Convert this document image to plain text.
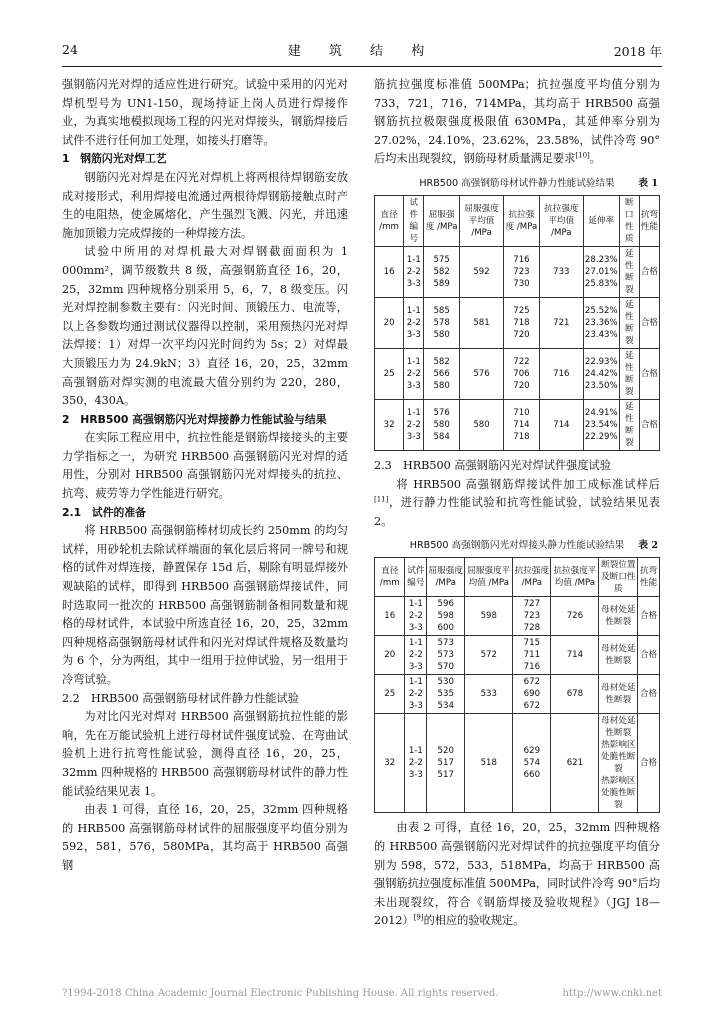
24	建 筑 结 构	2018 年

强钢筋闪光对焊的适应性进行研究。试验中采用的闪光对焊机型号为 UN1-150，现场持证上岗人员进行焊接作业，为真实地模拟现场工程的闪光对焊接头，钢筋焊接后试件不进行任何加工处理，如接头打磨等。

1　钢筋闪光对焊工艺

钢筋闪光对焊是在闪光对焊机上将两根待焊钢筋安放成对接形式，利用焊接电流通过两根待焊钢筋接触点时产生的电阻热，使金属熔化，产生强烈飞溅、闪光，并迅速施加顶锻力完成焊接的一种焊接方法。

试验中所用的对焊机最大对焊钢截面面积为 1 000mm²，调节级数共 8 级，高强钢筋直径 16，20，25，32mm 四种规格分别采用 5，6，7，8 级变压。闪光对焊控制参数主要有：闪光时间、顶锻压力、电流等，以上各参数均通过测试仪器得以控制，采用预热闪光对焊法焊接：1）对焊一次平均闪光时间约为 5s；2）对焊最大顶锻压力为 24.9kN；3）直径 16，20，25，32mm 高强钢筋对焊实测的电流最大值分别约为 220，280，350，430A。

2　HRB500 高强钢筋闪光对焊接静力性能试验与结果

在实际工程应用中，抗拉性能是钢筋焊接接头的主要力学指标之一，为研究 HRB500 高强钢筋闪光对焊的适用性，分别对 HRB500 高强钢筋闪光对焊接头的抗拉、抗弯、疲劳等力学性能进行研究。

2.1　试件的准备

将 HRB500 高强钢筋棒材切成长约 250mm 的均匀试样，用砂轮机去除试样端面的氧化层后将同一牌号和规格的试件对焊连接，静置保存 15d 后，剔除有明显焊接外观缺陷的试样，即得到 HRB500 高强钢筋焊接试件，同时选取同一批次的 HRB500 高强钢筋制备相同数量和规格的母材试件，本试验中所选直径 16，20，25，32mm 四种规格高强钢筋母材试件和闪光对焊试件规格及数量均为 6 个，分为两组，其中一组用于拉伸试验，另一组用于冷弯试验。

2.2　HRB500 高强钢筋母材试件静力性能试验

为对比闪光对焊对 HRB500 高强钢筋抗拉性能的影响，先在万能试验机上进行母材试件强度试验、在弯曲试验机上进行抗弯性能试验，测得直径 16，20，25，32mm 四种规格的 HRB500 高强钢筋母材试件的静力性能试验结果见表 1。

由表 1 可得，直径 16，20，25，32mm 四种规格的 HRB500 高强钢筋母材试件的屈服强度平均值分别为 592，581，576，580MPa，其均高于 HRB500 高强钢

筋抗拉强度标准值 500MPa；抗拉强度平均值分别为 733，721，716，714MPa，其均高于 HRB500 高强钢筋抗拉极限强度极限值 630MPa，其延伸率分别为 27.02%，24.10%，23.62%，23.58%，试件冷弯 90°后均未出现裂纹，钢筋母材质量满足要求[10]。

HRB500 高强钢筋母材试件静力性能试验结果 表 1
直径 /mm	试件编号	屈服强度 /MPa	屈服强度平均值 /MPa	抗拉强度 /MPa	抗拉强度平均值 /MPa	延伸率	断口性质	抗弯性能
16	1-1
2-2
3-3	575
582
589	592	716
723
730	733	28.23%
27.01%
25.83%	延性断裂	合格
20	1-1
2-2
3-3	585
578
580	581	725
718
720	721	25.52%
23.36%
23.43%	延性断裂	合格
25	1-1
2-2
3-3	582
566
580	576	722
706
720	716	22.93%
24.42%
23.50%	延性断裂	合格
32	1-1
2-2
3-3	576
580
584	580	710
714
718	714	24.91%
23.54%
22.29%	延性断裂	合格
2.3　HRB500 高强钢筋闪光对焊试件强度试验

将 HRB500 高强钢筋焊接试件加工成标准试样后[11]，进行静力性能试验和抗弯性能试验，试验结果见表 2。

HRB500 高强钢筋闪光对焊接头静力性能试验结果 表 2
直径 /mm	试件编号	屈服强度 /MPa	屈服强度平均值 /MPa	抗拉强度 /MPa	抗拉强度平均值 /MPa	断裂位置及断口性质	抗弯性能
16	1-1
2-2
3-3	596
598
600	598	727
723
728	726	母材处延性断裂	合格
20	1-1
2-2
3-3	573
573
570	572	715
711
716	714	母材处延性断裂	合格
25	1-1
2-2
3-3	530
535
534	533	672
690
672	678	母材处延性断裂	合格
32	1-1
2-2
3-3	520
517
517	518	629
574
660	621	母材处延性断裂
热影响区处脆性断裂
热影响区处脆性断裂	合格

由表 2 可得，直径 16，20，25，32mm 四种规格的 HRB500 高强钢筋闪光对焊试件的抗拉强度平均值分别为 598，572，533，518MPa，均高于 HRB500 高强钢筋抗拉强度标准值 500MPa，同时试件冷弯 90°后均未出现裂纹，符合《钢筋焊接及验收规程》（JGJ 18—2012）[9]的相应的验收规定。

?1994-2018 China Academic Journal Electronic Publishing House. All rights reserved.	http://www.cnki.net
